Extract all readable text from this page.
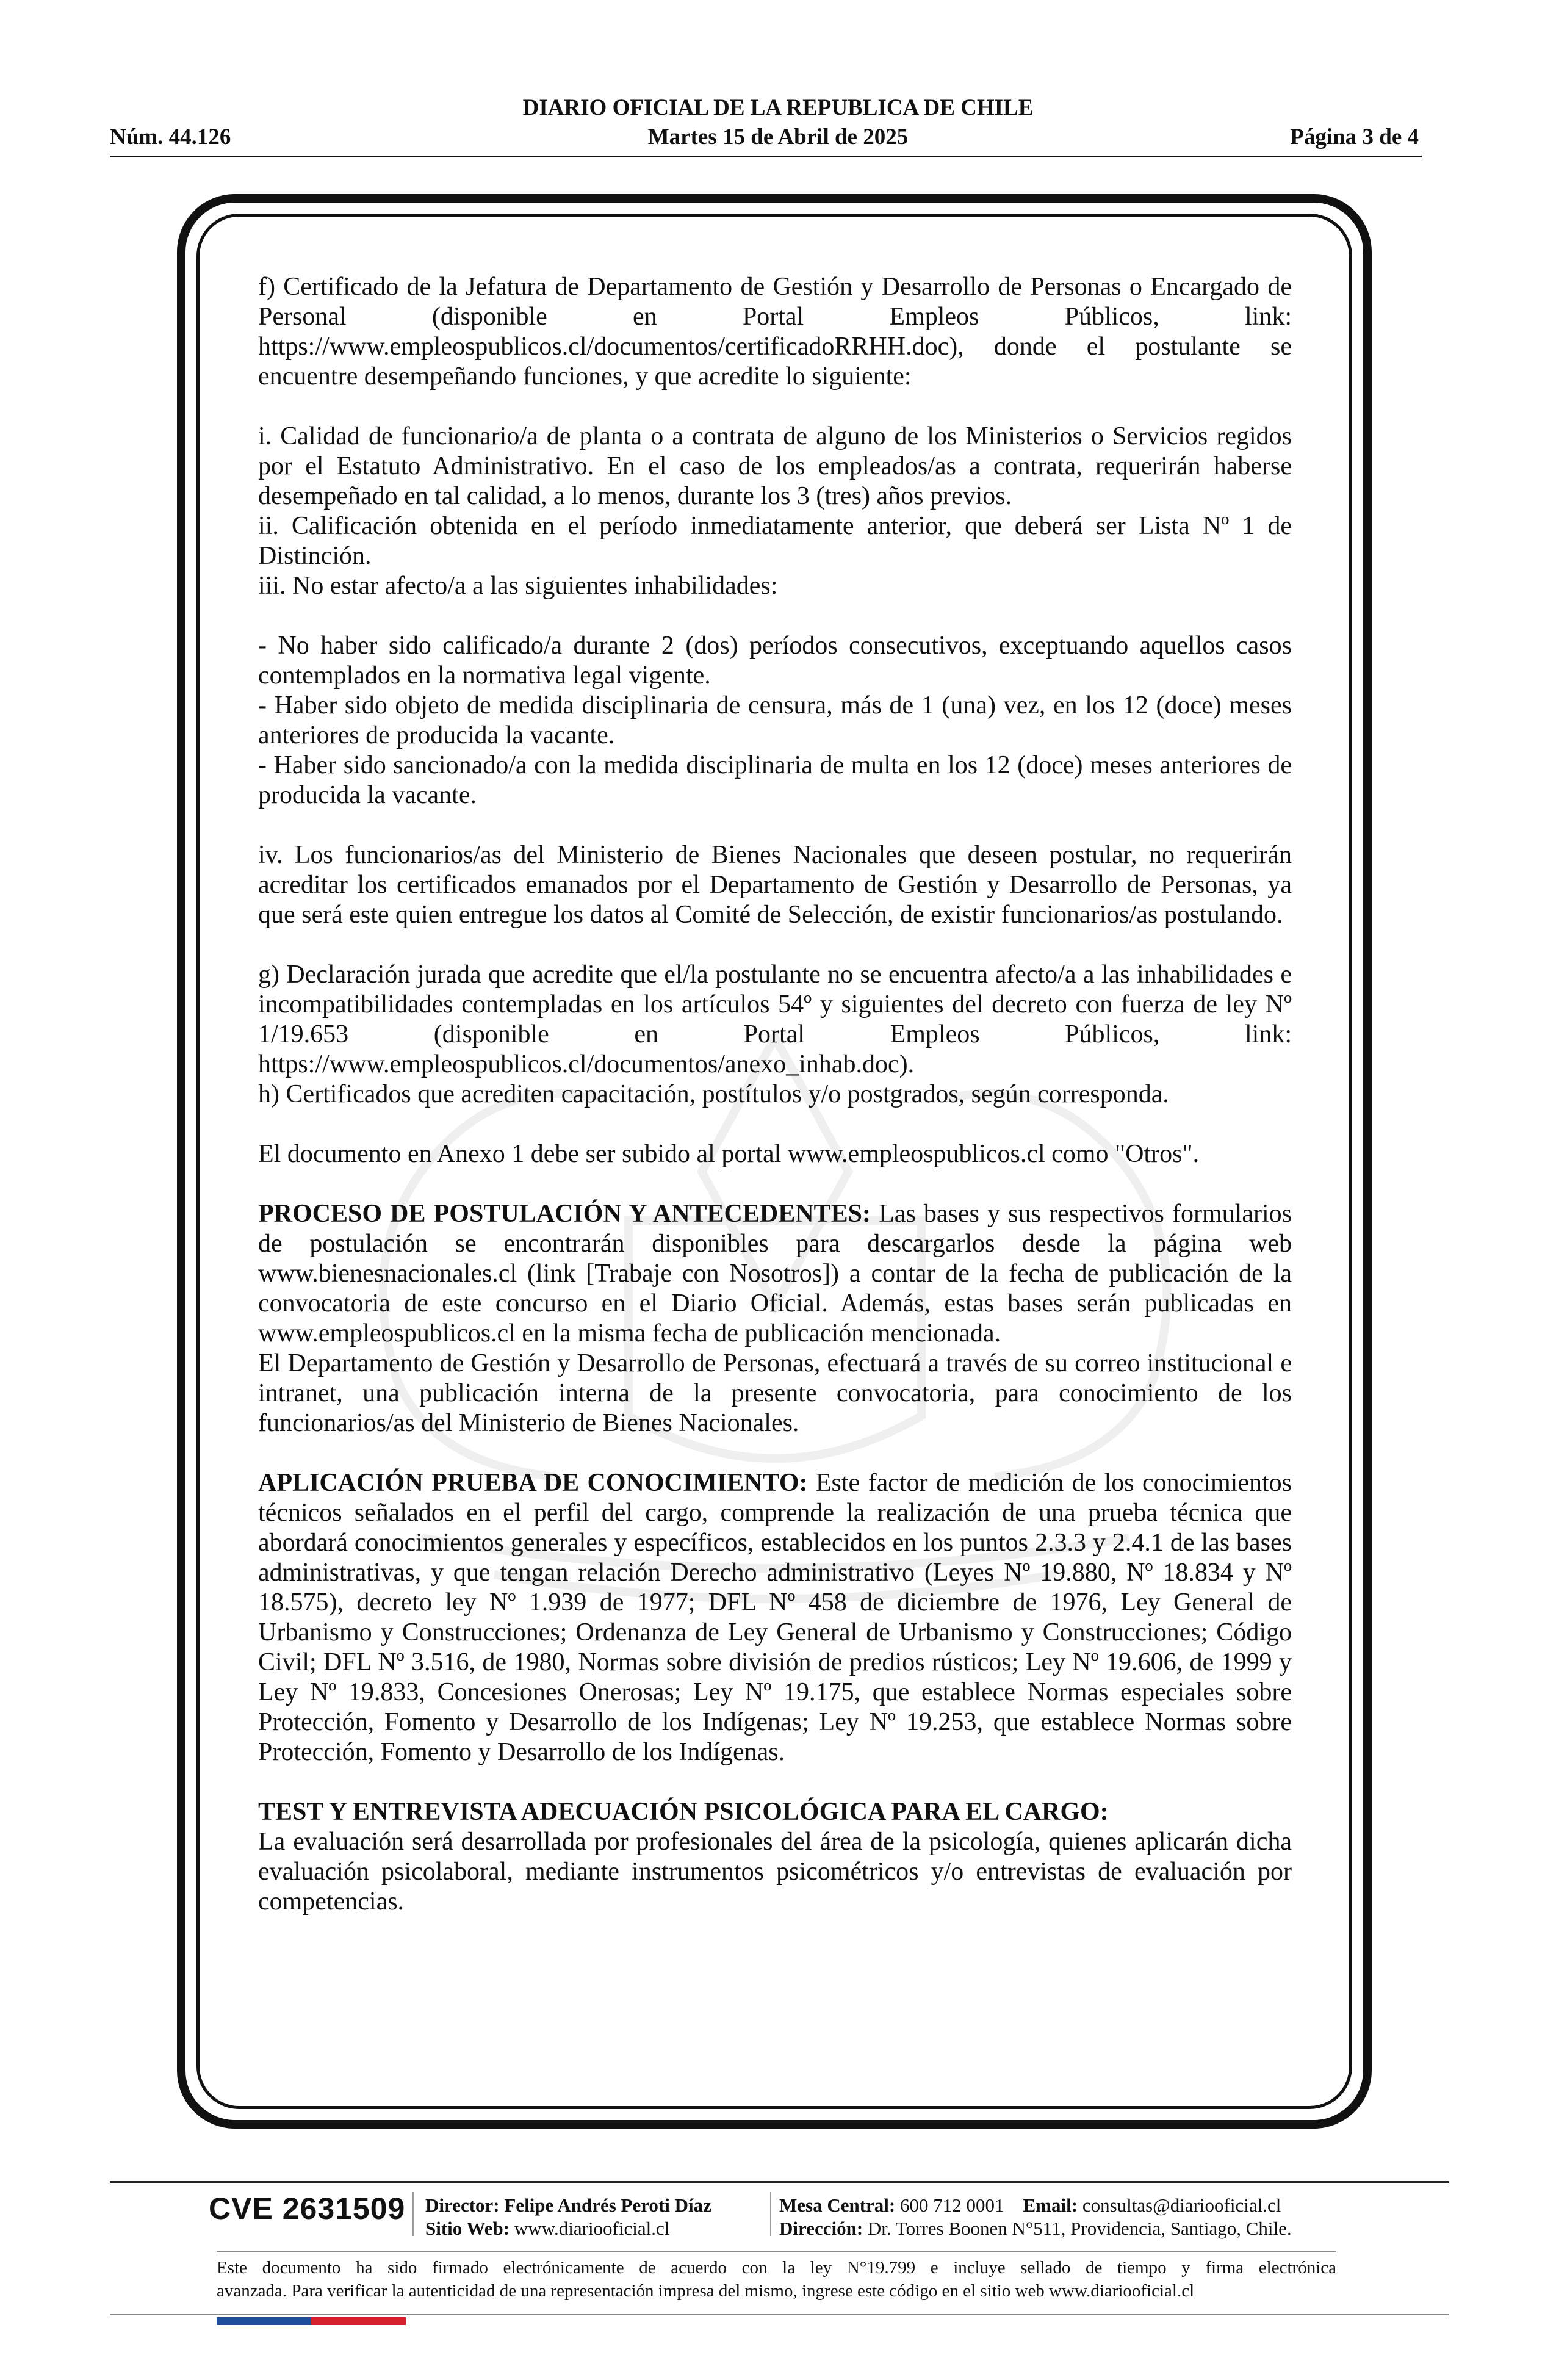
DIARIO OFICIAL DE LA REPUBLICA DE CHILE
Núm. 44.126	Martes 15 de Abril de 2025	Página 3 de 4

f) Certificado de la Jefatura de Departamento de Gestión y Desarrollo de Personas o Encargado de Personal (disponible en Portal Empleos Públicos, link: https://www.empleospublicos.cl/documentos/certificadoRRHH.doc), donde el postulante se encuentre desempeñando funciones, y que acredite lo siguiente:

i. Calidad de funcionario/a de planta o a contrata de alguno de los Ministerios o Servicios regidos por el Estatuto Administrativo. En el caso de los empleados/as a contrata, requerirán haberse desempeñado en tal calidad, a lo menos, durante los 3 (tres) años previos.

ii. Calificación obtenida en el período inmediatamente anterior, que deberá ser Lista Nº 1 de Distinción.

iii. No estar afecto/a a las siguientes inhabilidades:

- No haber sido calificado/a durante 2 (dos) períodos consecutivos, exceptuando aquellos casos contemplados en la normativa legal vigente.

- Haber sido objeto de medida disciplinaria de censura, más de 1 (una) vez, en los 12 (doce) meses anteriores de producida la vacante.

- Haber sido sancionado/a con la medida disciplinaria de multa en los 12 (doce) meses anteriores de producida la vacante.

iv. Los funcionarios/as del Ministerio de Bienes Nacionales que deseen postular, no requerirán acreditar los certificados emanados por el Departamento de Gestión y Desarrollo de Personas, ya que será este quien entregue los datos al Comité de Selección, de existir funcionarios/as postulando.

g) Declaración jurada que acredite que el/la postulante no se encuentra afecto/a a las inhabilidades e incompatibilidades contempladas en los artículos 54º y siguientes del decreto con fuerza de ley Nº 1/19.653 (disponible en Portal Empleos Públicos, link: https://www.empleospublicos.cl/documentos/anexo_inhab.doc).

h) Certificados que acrediten capacitación, postítulos y/o postgrados, según corresponda.

El documento en Anexo 1 debe ser subido al portal www.empleospublicos.cl como "Otros".

PROCESO DE POSTULACIÓN Y ANTECEDENTES: Las bases y sus respectivos formularios de postulación se encontrarán disponibles para descargarlos desde la página web www.bienesnacionales.cl (link [Trabaje con Nosotros]) a contar de la fecha de publicación de la convocatoria de este concurso en el Diario Oficial. Además, estas bases serán publicadas en www.empleospublicos.cl en la misma fecha de publicación mencionada.

El Departamento de Gestión y Desarrollo de Personas, efectuará a través de su correo institucional e intranet, una publicación interna de la presente convocatoria, para conocimiento de los funcionarios/as del Ministerio de Bienes Nacionales.

APLICACIÓN PRUEBA DE CONOCIMIENTO: Este factor de medición de los conocimientos técnicos señalados en el perfil del cargo, comprende la realización de una prueba técnica que abordará conocimientos generales y específicos, establecidos en los puntos 2.3.3 y 2.4.1 de las bases administrativas, y que tengan relación Derecho administrativo (Leyes Nº 19.880, Nº 18.834 y Nº 18.575), decreto ley Nº 1.939 de 1977; DFL Nº 458 de diciembre de 1976, Ley General de Urbanismo y Construcciones; Ordenanza de Ley General de Urbanismo y Construcciones; Código Civil; DFL Nº 3.516, de 1980, Normas sobre división de predios rústicos; Ley Nº 19.606, de 1999 y Ley Nº 19.833, Concesiones Onerosas; Ley Nº 19.175, que establece Normas especiales sobre Protección, Fomento y Desarrollo de los Indígenas; Ley Nº 19.253, que establece Normas sobre Protección, Fomento y Desarrollo de los Indígenas.

TEST Y ENTREVISTA ADECUACIÓN PSICOLÓGICA PARA EL CARGO:

La evaluación será desarrollada por profesionales del área de la psicología, quienes aplicarán dicha evaluación psicolaboral, mediante instrumentos psicométricos y/o entrevistas de evaluación por competencias.

CVE 2631509 Director: Felipe Andrés Peroti Díaz
Sitio Web: www.diariooficial.cl
Mesa Central: 600 712 0001 Email: consultas@diariooficial.cl
Dirección: Dr. Torres Boonen N°511, Providencia, Santiago, Chile.

Este documento ha sido firmado electrónicamente de acuerdo con la ley N°19.799 e incluye sellado de tiempo y firma electrónica

avanzada. Para verificar la autenticidad de una representación impresa del mismo, ingrese este código en el sitio web www.diariooficial.cl
